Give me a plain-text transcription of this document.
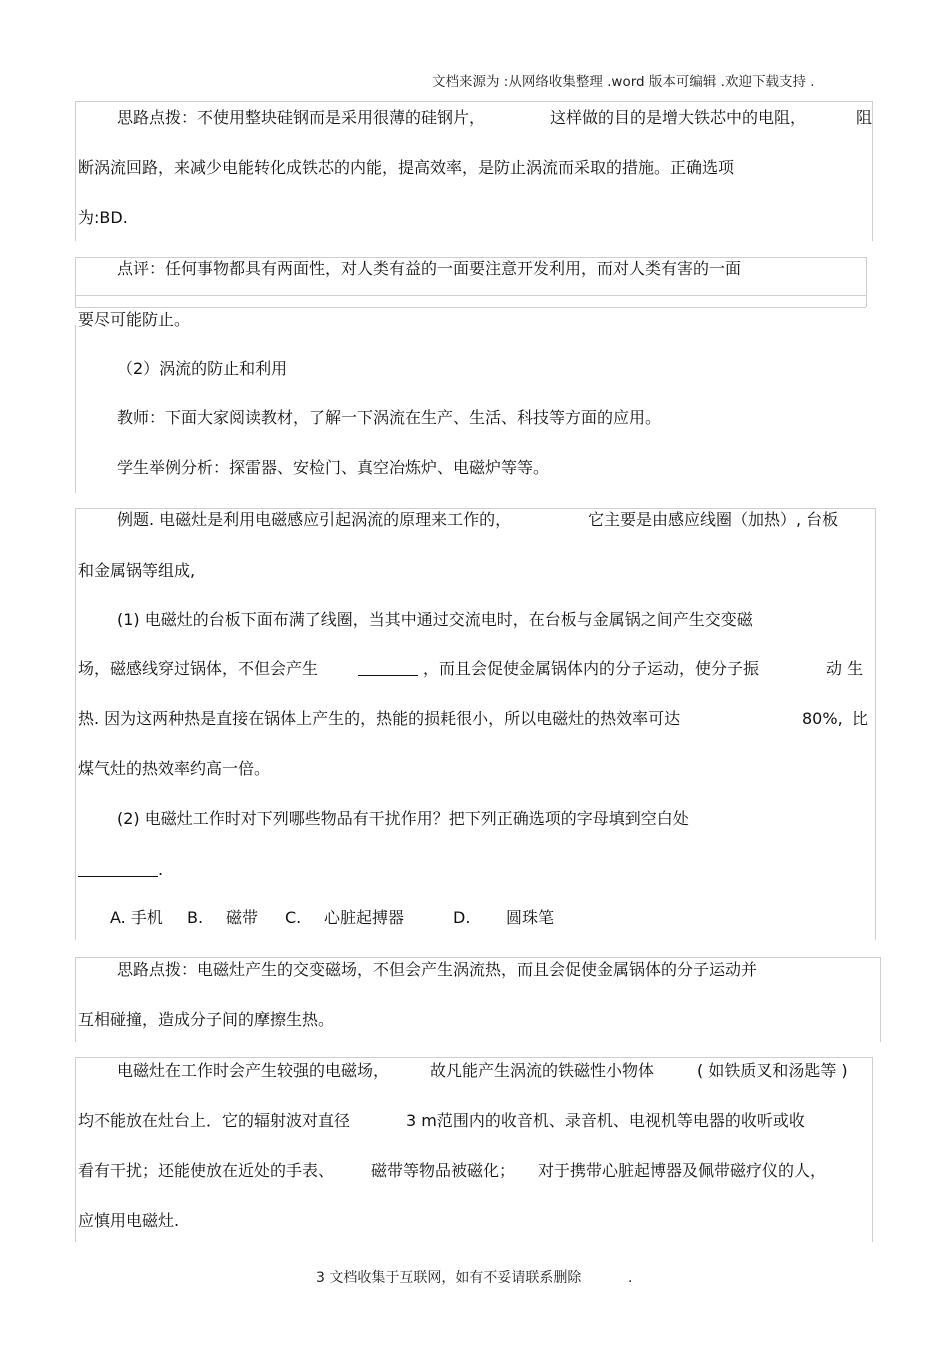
文档来源为 :从网络收集整理 .word 版本可编辑 .欢迎下载支持 .
思路点拨：不使用整块硅钢而是采用很薄的硅钢片，	这样做的目的是增大铁芯中的电阻，	阻
断涡流回路，来减少电能转化成铁芯的内能，提高效率，是防止涡流而采取的措施。正确选项
为:BD.
点评：任何事物都具有两面性，对人类有益的一面要注意开发利用，而对人类有害的一面
要尽可能防止。
（2）涡流的防止和利用
教师：下面大家阅读教材，了解一下涡流在生产、生活、科技等方面的应用。
学生举例分析：探雷器、安检门、真空冶炼炉、电磁炉等等。
例题. 电磁灶是利用电磁感应引起涡流的原理来工作的，	它主要是由感应线圈（加热）, 台板
和金属锅等组成,
(1) 电磁灶的台板下面布满了线圈，当其中通过交流电时，在台板与金属锅之间产生交变磁
场，磁感线穿过锅体，不但会产生	，而且会促使金属锅体内的分子运动，使分子振	动 生
热. 因为这两种热是直接在锅体上产生的，热能的损耗很小，所以电磁灶的热效率可达	80%, 比
煤气灶的热效率约高一倍。
(2) 电磁灶工作时对下列哪些物品有干扰作用？把下列正确选项的字母填到空白处
.
A. 手机 B. 磁带 C. 心脏起搏器	D. 圆珠笔
思路点拨：电磁灶产生的交变磁场，不但会产生涡流热，而且会促使金属锅体的分子运动并
互相碰撞，造成分子间的摩擦生热。
电磁灶在工作时会产生较强的电磁场，	故凡能产生涡流的铁磁性小物体	( 如铁质叉和汤匙等 )
均不能放在灶台上．它的辐射波对直径	3 m范围内的收音机、录音机、电视机等电器的收听或收
看有干扰；还能使放在近处的手表、 磁带等物品被磁化； 对于携带心脏起博器及佩带磁疗仪的人，
应慎用电磁灶.
3 文档收集于互联网，如有不妥请联系删除	.
